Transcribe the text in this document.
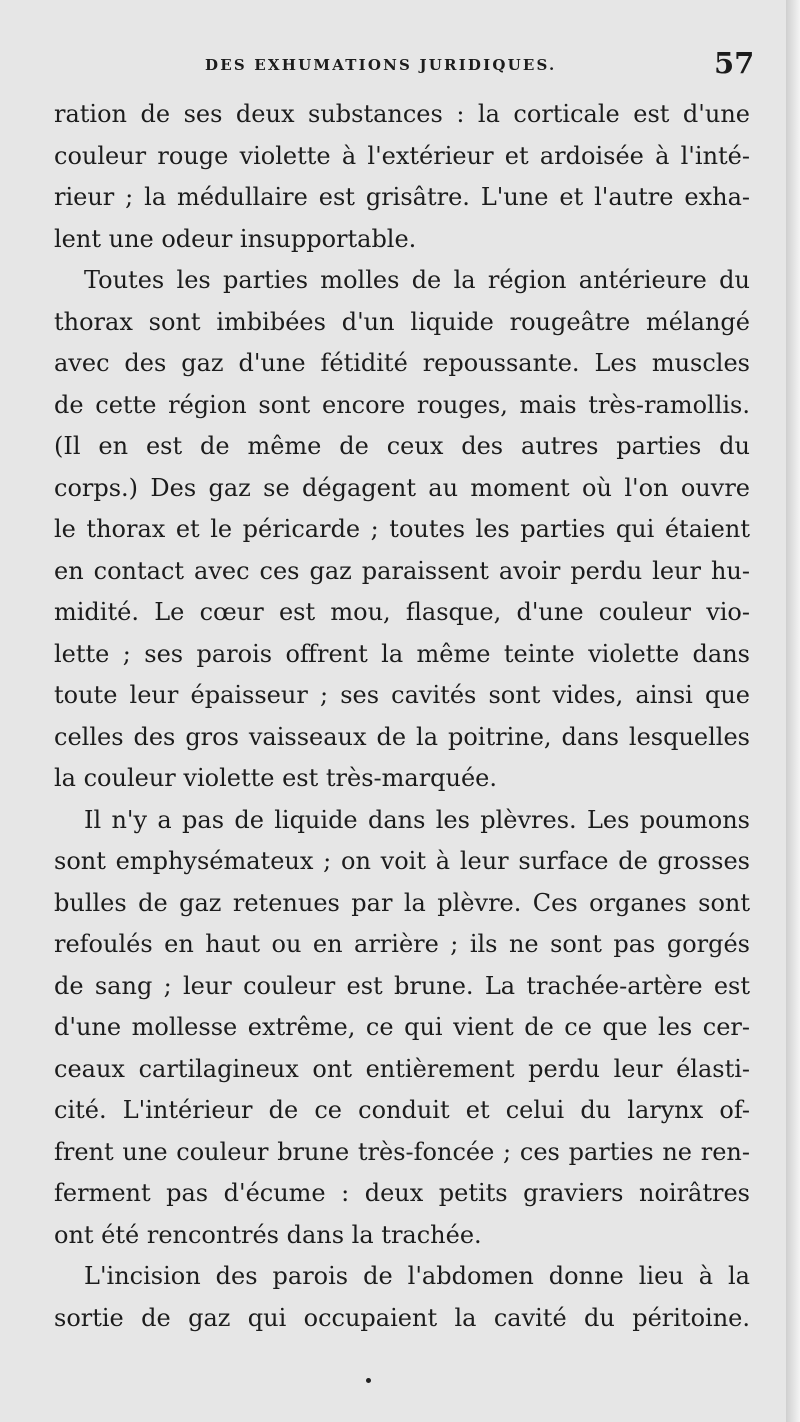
DES EXHUMATIONS JURIDIQUES.	57
ration de ses deux substances : la corticale est d'une
couleur rouge violette à l'extérieur et ardoisée à l'inté-
rieur ; la médullaire est grisâtre. L'une et l'autre exha-
lent une odeur insupportable.
Toutes les parties molles de la région antérieure du
thorax sont imbibées d'un liquide rougeâtre mélangé
avec des gaz d'une fétidité repoussante. Les muscles
de cette région sont encore rouges, mais très-ramollis.
(Il en est de même de ceux des autres parties du
corps.) Des gaz se dégagent au moment où l'on ouvre
le thorax et le péricarde ; toutes les parties qui étaient
en contact avec ces gaz paraissent avoir perdu leur hu-
midité. Le cœur est mou, flasque, d'une couleur vio-
lette ; ses parois offrent la même teinte violette dans
toute leur épaisseur ; ses cavités sont vides, ainsi que
celles des gros vaisseaux de la poitrine, dans lesquelles
la couleur violette est très-marquée.
Il n'y a pas de liquide dans les plèvres. Les poumons
sont emphysémateux ; on voit à leur surface de grosses
bulles de gaz retenues par la plèvre. Ces organes sont
refoulés en haut ou en arrière ; ils ne sont pas gorgés
de sang ; leur couleur est brune. La trachée-artère est
d'une mollesse extrême, ce qui vient de ce que les cer-
ceaux cartilagineux ont entièrement perdu leur élasti-
cité. L'intérieur de ce conduit et celui du larynx of-
frent une couleur brune très-foncée ; ces parties ne ren-
ferment pas d'écume : deux petits graviers noirâtres
ont été rencontrés dans la trachée.
L'incision des parois de l'abdomen donne lieu à la
sortie de gaz qui occupaient la cavité du péritoine.
